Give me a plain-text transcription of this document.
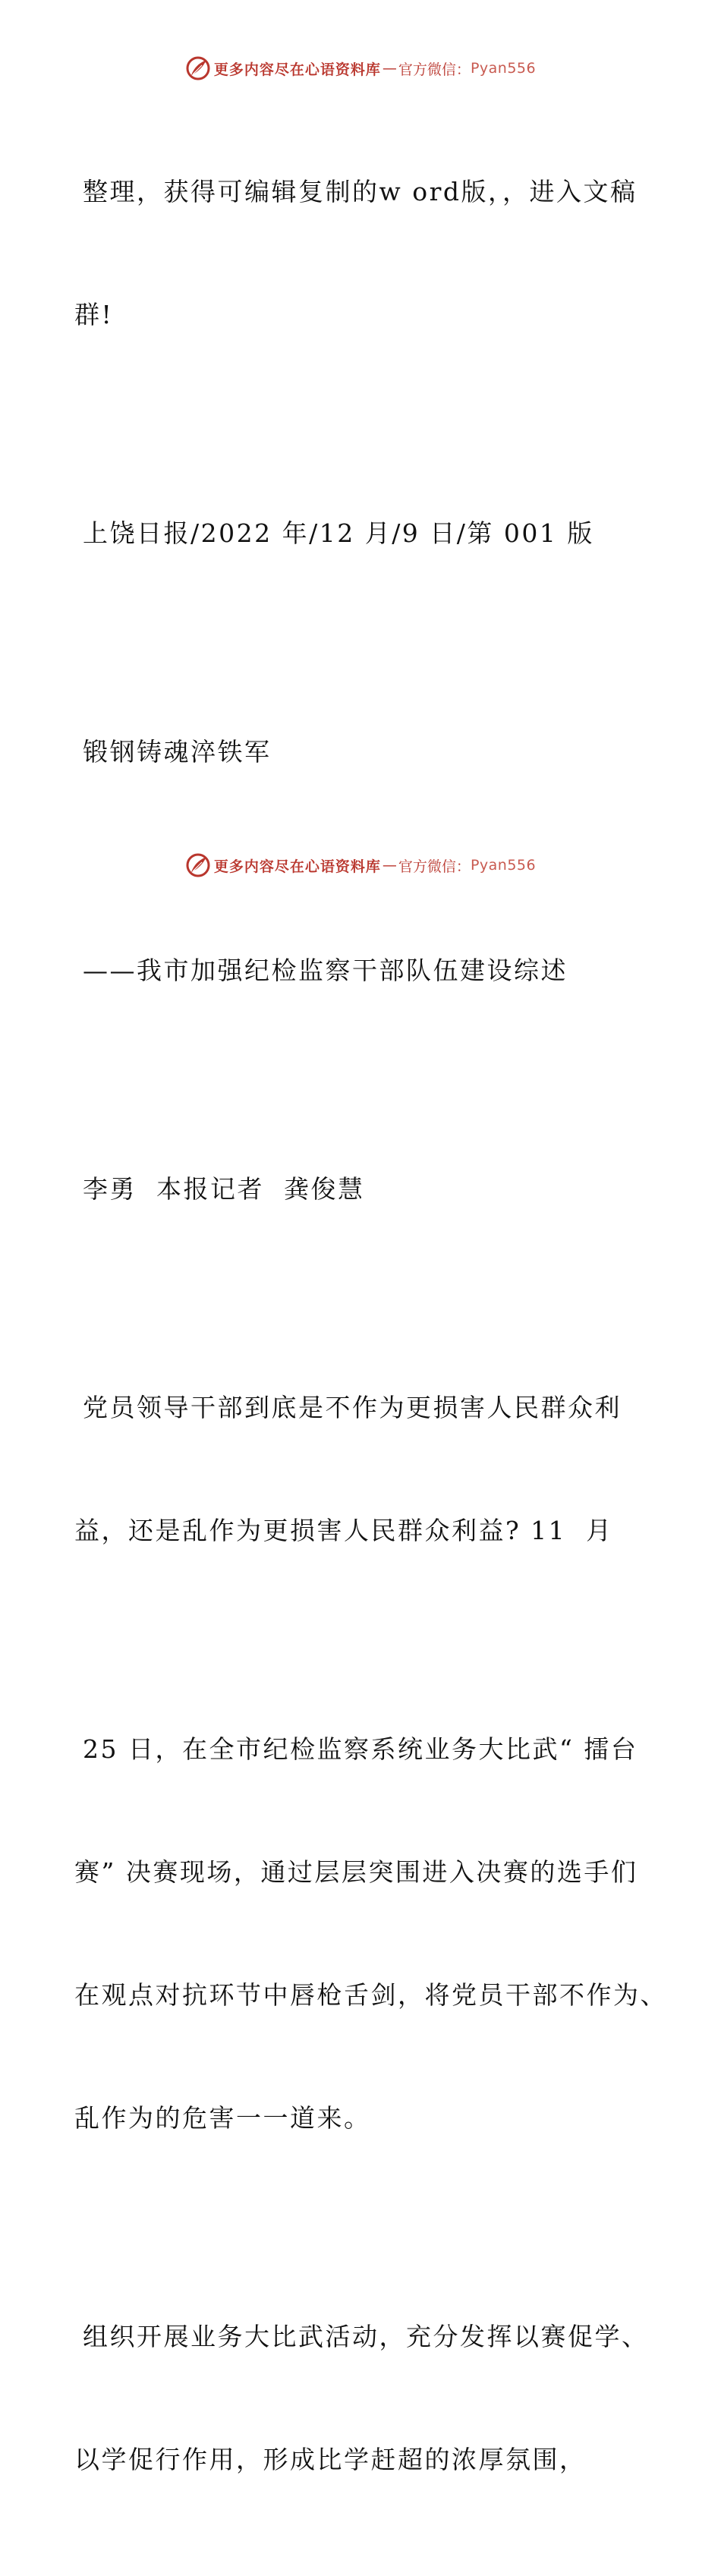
更多内容尽在心语资料库 — 官方微信： Pyan556

整理，获得可编辑复制的w ord版，，进入文稿

群!

上饶日报/2022 年/12 月/9 日/第 001 版

锻钢铸魂淬铁军

——我市加强纪检监察干部队伍建设综述

李勇  本报记者  龚俊慧

党员领导干部到底是不作为更损害人民群众利

益，还是乱作为更损害人民群众利益? 11  月

25 日，在全市纪检监察系统业务大比武“ 擂台

赛” 决赛现场，通过层层突围进入决赛的选手们

在观点对抗环节中唇枪舌剑，将党员干部不作为、

乱作为的危害一一道来。

组织开展业务大比武活动，充分发挥以赛促学、

以学促行作用，形成比学赶超的浓厚氛围，

更多内容尽在心语资料库 — 官方微信： Pyan556
